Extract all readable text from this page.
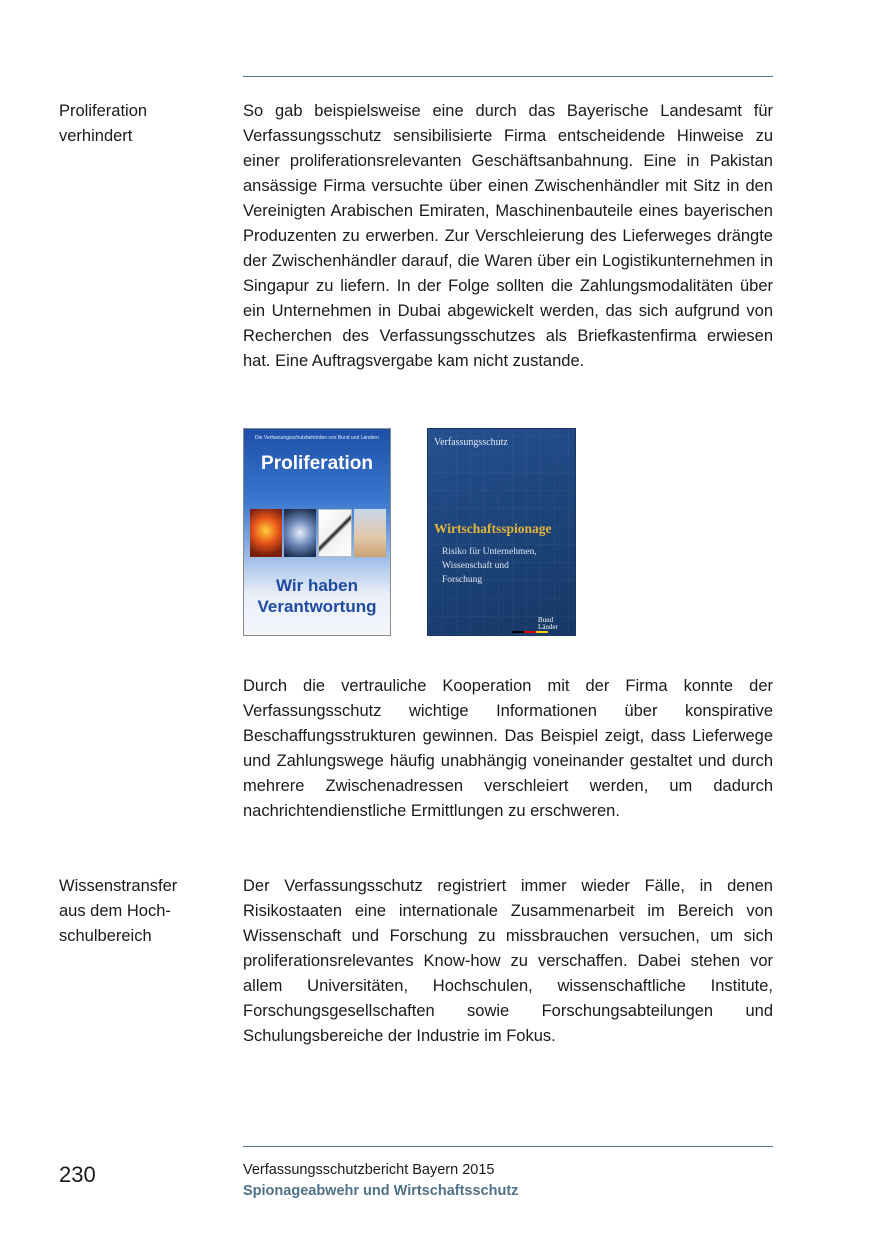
Proliferation
verhindert

So gab beispielsweise eine durch das Bayerische Landesamt für Verfassungsschutz sensibilisierte Firma entscheidende Hinweise zu einer proliferationsrelevanten Geschäftsanbahnung. Eine in Pakistan ansässige Firma versuchte über einen Zwischenhändler mit Sitz in den Vereinigten Arabischen Emiraten, Maschinenbauteile eines bayerischen Produzenten zu erwerben. Zur Verschleierung des Lieferweges drängte der Zwischenhändler darauf, die Waren über ein Logistikunternehmen in Singapur zu liefern. In der Folge sollten die Zahlungsmodalitäten über ein Unternehmen in Dubai abgewickelt werden, das sich aufgrund von Recherchen des Verfassungsschutzes als Briefkastenfirma erwiesen hat. Eine Auftragsvergabe kam nicht zustande.

Die Verfassungsschutzbehörden von Bund und Ländern
Proliferation
Wir haben
Verantwortung
Verfassungsschutz
Wirtschaftsspionage
Risiko für Unternehmen,
Wissenschaft und
Forschung
Bund
Länder

Durch die vertrauliche Kooperation mit der Firma konnte der Verfassungsschutz wichtige Informationen über konspirative Beschaffungsstrukturen gewinnen. Das Beispiel zeigt, dass Lieferwege und Zahlungswege häufig unabhängig voneinander gestaltet und durch mehrere Zwischenadressen verschleiert werden, um dadurch nachrichtendienstliche Ermittlungen zu erschweren.

Wissenstransfer
aus dem Hoch-
schulbereich

Der Verfassungsschutz registriert immer wieder Fälle, in denen Risikostaaten eine internationale Zusammenarbeit im Bereich von Wissenschaft und Forschung zu missbrauchen versuchen, um sich proliferationsrelevantes Know-how zu verschaffen. Dabei stehen vor allem Universitäten, Hochschulen, wissenschaftliche Institute, Forschungsgesellschaften sowie Forschungsabteilungen und Schulungsbereiche der Industrie im Fokus.

230	Verfassungsschutzbericht Bayern 2015
Spionageabwehr und Wirtschaftsschutz
